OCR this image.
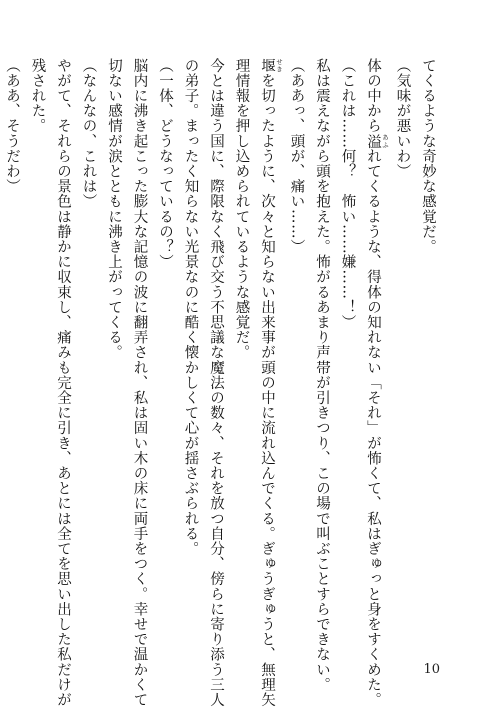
てくるような奇妙な感覚だ。
（気味が悪いわ）
体の中から溢 あふれてくるような、得体の知れない「それ」が怖くて、私はぎゅっと身をすくめた。
（これは……何？　怖い……嫌……！）
私は震えながら頭を抱えた。怖がるあまり声帯が引きつり、この場で叫ぶことすらできない。
（ああっ、頭が、痛い……）
堰 せきを切ったように、次々と知らない出来事が頭の中に流れ込んでくる。ぎゅうぎゅうと、無理矢
理情報を押し込められているような感覚だ。
今とは違う国に、際限なく飛び交う不思議な魔法の数々、それを放つ自分、傍らに寄り添う三人
の弟子。まったく知らない光景なのに酷く懐かしくて心が揺さぶられる。
（一体、どうなっているの？）
脳内に沸き起こった膨大な記憶の波に翻弄され、私は固い木の床に両手をつく。幸せで温かくて
切ない感情が涙とともに沸き上がってくる。
（なんなの、これは）
やがて、それらの景色は静かに収束し、痛みも完全に引き、あとには全てを思い出した私だけが
残された。
（ああ、そうだわ）
10
